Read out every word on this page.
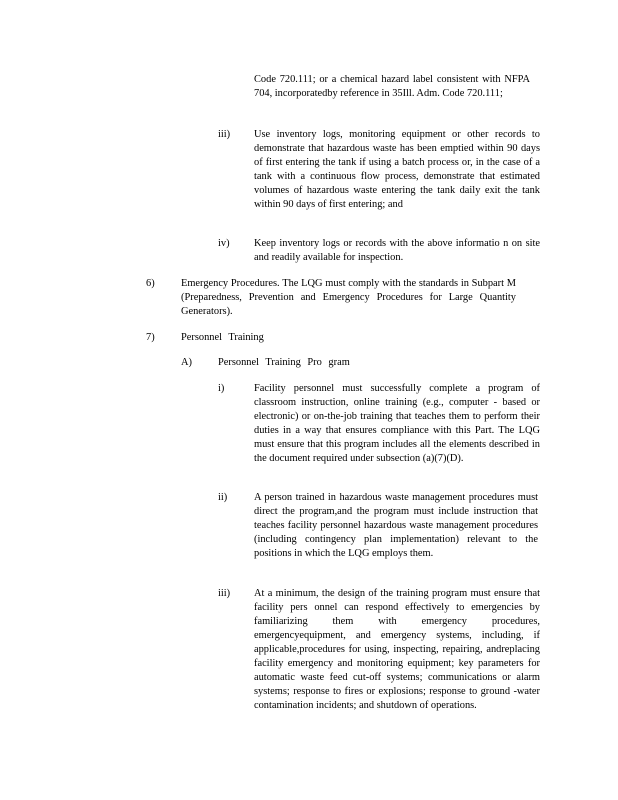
Code 720.111; or a chemical hazard label consistent with NFPA 704, incorporatedby reference in 35Ill. Adm. Code 720.111;

iii) Use inventory logs, monitoring equipment or other records to demonstrate that hazardous waste has been emptied within 90 days of first entering the tank if using a batch process or, in the case of a tank with a continuous flow process, demonstrate that estimated volumes of hazardous waste entering the tank daily exit the tank within 90 days of first entering; and

iv) Keep inventory logs or records with the above informatio n on site and readily available for inspection.

6)	Emergency Procedures. The LQG must comply with the standards in Subpart M (Preparedness, Prevention and Emergency Procedures for Large Quantity Generators).

7)	Personnel Training

A)	Personnel Training Pro gram

i)	Facility personnel must successfully complete a program of classroom instruction, online training (e.g., computer - based or electronic) or on-the-job training that teaches them to perform their duties in a way that ensures compliance with this Part. The LQG must ensure that this program includes all the elements described in the document required under subsection (a)(7)(D).

ii)	A person trained in hazardous waste management procedures must direct the program,and the program must include instruction that teaches facility personnel hazardous waste management procedures (including contingency plan implementation) relevant to the positions in which the LQG employs them.

iii) At a minimum, the design of the training program must ensure that facility pers onnel can respond effectively to emergencies by familiarizing them with emergency procedures, emergencyequipment, and emergency systems, including, if applicable,procedures for using, inspecting, repairing, andreplacing facility emergency and monitoring equipment; key parameters for automatic waste feed cut-off systems; communications or alarm systems; response to fires or explosions; response to ground -water contamination incidents; and shutdown of operations.
